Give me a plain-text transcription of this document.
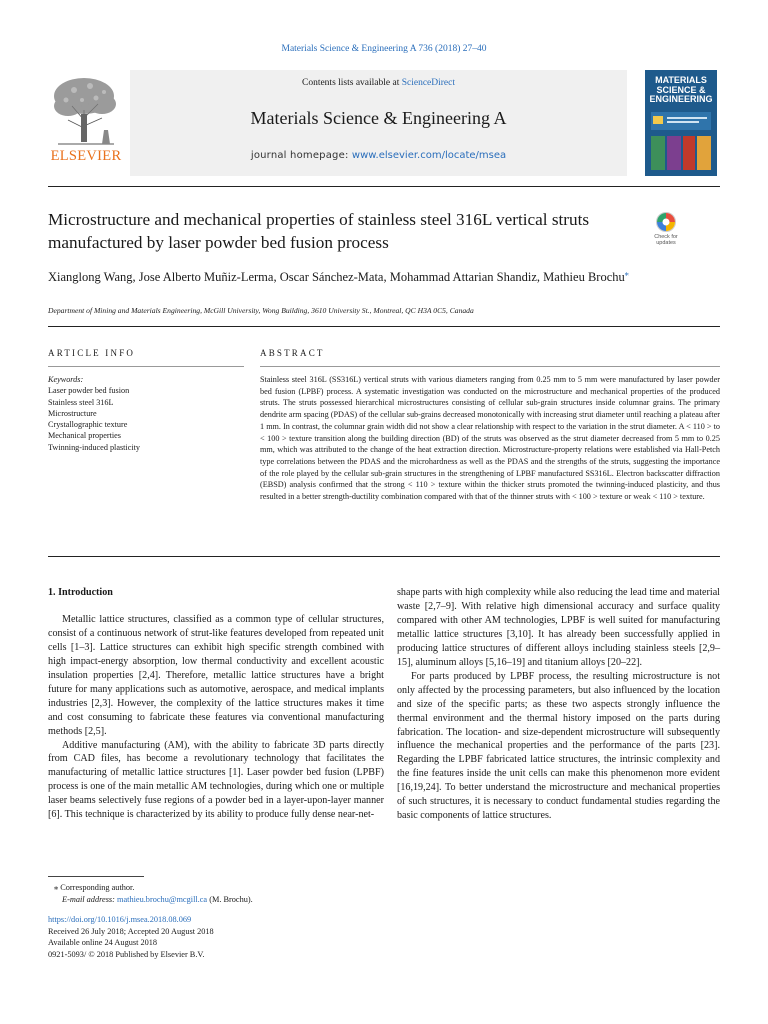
Materials Science & Engineering A 736 (2018) 27–40
Contents lists available at ScienceDirect
Materials Science & Engineering A
journal homepage: www.elsevier.com/locate/msea
ELSEVIER
MATERIALS SCIENCE & ENGINEERING
Microstructure and mechanical properties of stainless steel 316L vertical struts manufactured by laser powder bed fusion process	Check for updates
Xianglong Wang, Jose Alberto Muñiz-Lerma, Oscar Sánchez-Mata, Mohammad Attarian Shandiz, Mathieu Brochu⁎
Department of Mining and Materials Engineering, McGill University, Wong Building, 3610 University St., Montreal, QC H3A 0C5, Canada
ARTICLE INFO	ABSTRACT
Keywords:
Laser powder bed fusion
Stainless steel 316L
Microstructure
Crystallographic texture
Mechanical properties
Twinning-induced plasticity
Stainless steel 316L (SS316L) vertical struts with various diameters ranging from 0.25 mm to 5 mm were manufactured by laser powder bed fusion (LPBF) process. A systematic investigation was conducted on the microstructure and mechanical properties of the produced struts. The struts possessed hierarchical microstructures consisting of cellular sub-grain structures inside columnar grains. The primary dendrite arm spacing (PDAS) of the cellular sub-grains decreased monotonically with increasing strut diameter until reaching a plateau after 1 mm. In contrast, the columnar grain width did not show a clear relationship with respect to the variation in the strut diameter. A < 110 > to < 100 > texture transition along the building direction (BD) of the struts was observed as the strut diameter decreased from 5 mm to 0.25 mm, which was attributed to the change of the heat extraction direction. Microstructure-property relations were established via Hall-Petch type correlations between the PDAS and the microhardness as well as the PDAS and the strengths of the struts, suggesting the importance of the role played by the cellular sub-grain structures in the strengthening of LPBF manufactured SS316L. Electron backscatter diffraction (EBSD) analysis confirmed that the strong < 110 > texture within the thicker struts promoted the twinning-induced plasticity, and thus resulted in a better strength-ductility combination compared with that of the thinner struts with < 100 > texture or weak < 110 > texture.

1. Introduction

Metallic lattice structures, classified as a common type of cellular structures, consist of a continuous network of strut-like features developed from repeated unit cells [1–3]. Lattice structures can exhibit high specific strength combined with high impact-energy absorption, low thermal conductivity and excellent acoustic insulation properties [2,4]. Therefore, metallic lattice structures have a bright future for many applications such as automotive, aerospace, and medical implants industries [2,3]. However, the complexity of the lattice structures makes it time and cost consuming to fabricate these features via conventional manufacturing methods [2,5].

Additive manufacturing (AM), with the ability to fabricate 3D parts directly from CAD files, has become a revolutionary technology that facilitates the manufacturing of metallic lattice structures [1]. Laser powder bed fusion (LPBF) process is one of the main metallic AM technologies, during which one or multiple laser beams selectively fuse regions of a powder bed in a layer-upon-layer manner [6]. This technique is characterized by its ability to produce fully dense near-net-

shape parts with high complexity while also reducing the lead time and material waste [2,7–9]. With relative high dimensional accuracy and surface quality compared with other AM technologies, LPBF is well suited for manufacturing metallic lattice structures [3,10]. It has already been successfully applied in producing lattice structures of different alloys including stainless steels [2,9–15], aluminum alloys [5,16–19] and titanium alloys [20–22].

For parts produced by LPBF process, the resulting microstructure is not only affected by the processing parameters, but also influenced by the location and size of the specific parts; as these two aspects strongly influence the thermal environment and the thermal history imposed on the parts during fabrication. The location- and size-dependent microstructure will subsequently influence the mechanical properties and the performance of the parts [23]. Regarding the LPBF fabricated lattice structures, the intrinsic complexity and the fine features inside the unit cells can make this phenomenon more evident [16,19,24]. To better understand the microstructure and mechanical properties of such structures, it is necessary to conduct fundamental studies regarding the basic components of lattice structures.

⁎ Corresponding author.
E-mail address: mathieu.brochu@mcgill.ca (M. Brochu).
https://doi.org/10.1016/j.msea.2018.08.069
Received 26 July 2018; Accepted 20 August 2018
Available online 24 August 2018
0921-5093/ © 2018 Published by Elsevier B.V.
